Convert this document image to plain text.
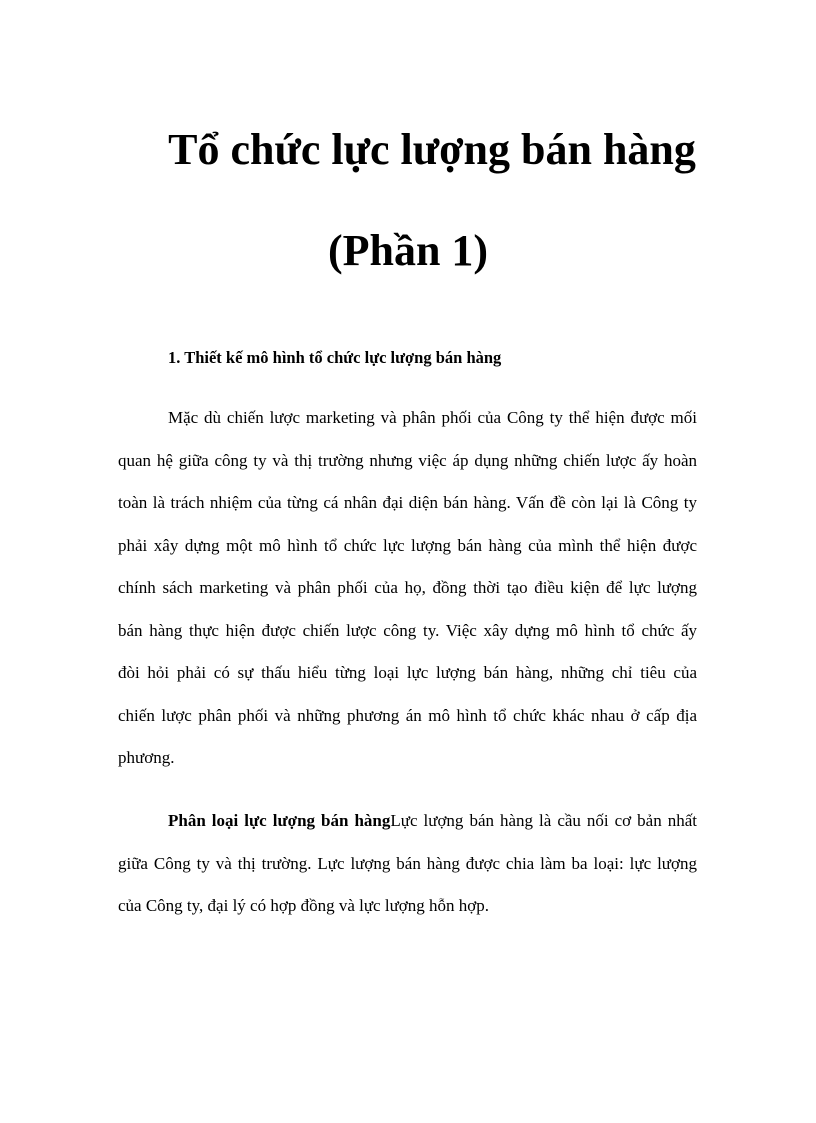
Tổ chức lực lượng bán hàng
(Phần 1)
1. Thiết kế mô hình tổ chức lực lượng bán hàng
Mặc dù chiến lược marketing và phân phối của Công ty thể hiện được mối
quan hệ giữa công ty và thị trường nhưng việc áp dụng những chiến lược ấy hoàn
toàn là trách nhiệm của từng cá nhân đại diện bán hàng. Vấn đề còn lại là Công ty
phải xây dựng một mô hình tổ chức lực lượng bán hàng của mình thể hiện được
chính sách marketing và phân phối của họ, đồng thời tạo điều kiện để lực lượng
bán hàng thực hiện được chiến lược công ty. Việc xây dựng mô hình tổ chức ấy
đòi hỏi phải có sự thấu hiểu từng loại lực lượng bán hàng, những chỉ tiêu của
chiến lược phân phối và những phương án mô hình tổ chức khác nhau ở cấp địa
phương.
Phân loại lực lượng bán hàngLực lượng bán hàng là cầu nối cơ bản nhất
giữa Công ty và thị trường. Lực lượng bán hàng được chia làm ba loại: lực lượng
của Công ty, đại lý có hợp đồng và lực lượng hỗn hợp.
